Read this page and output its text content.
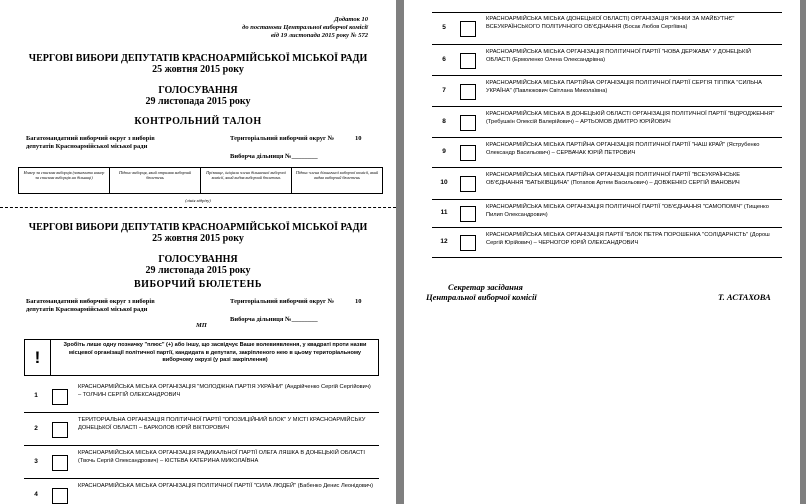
Додаток 10
до постанови Центральної виборчої комісії
від 19 листопада 2015 року № 572
ЧЕРГОВІ ВИБОРИ ДЕПУТАТІВ КРАСНОАРМІЙСЬКОЇ МІСЬКОЇ РАДИ
25 жовтня 2015 року
ГОЛОСУВАННЯ
29 листопада 2015 року
КОНТРОЛЬНИЙ ТАЛОН
Багатомандатний виборчий округ з виборів
депутатів Красноармійської міської ради
Територіальний виборчий округ №	10
Виборча дільниця №________
Номер за списком виборців (зазначити номер за списком виборців на дільниці)
Підпис виборця, який отримав виборчий бюлетень
Прізвище, ініціали члена дільничної виборчої комісії, який видав виборчий бюлетень
Підпис члена дільничної виборчої комісії, який видав виборчий бюлетень
(лінія відрізу)
ЧЕРГОВІ ВИБОРИ ДЕПУТАТІВ КРАСНОАРМІЙСЬКОЇ МІСЬКОЇ РАДИ
25 жовтня 2015 року
ГОЛОСУВАННЯ
29 листопада 2015 року
ВИБОРЧИЙ БЮЛЕТЕНЬ
Багатомандатний виборчий округ з виборів
депутатів Красноармійської міської ради
Територіальний виборчий округ №	10
МП
Виборча дільниця №________
!
Зробіть лише одну позначку "плюс" (+) або іншу, що засвідчує Ваше волевиявлення, у квадраті проти назви місцевої організації політичної партії, кандидата в депутати, закріпленого нею в цьому територіальному виборчому окрузі (у разі закріплення)
1
КРАСНОАРМІЙСЬКА МІСЬКА ОРГАНІЗАЦІЯ "МОЛОДЖНА ПАРТІЯ УКРАЇНИ" (Андрійченко Сергій Сергійович) – ТОЛЧИН СЕРГІЙ ОЛЕКСАНДРОВИЧ
2
ТЕРИТОРІАЛЬНА ОРГАНІЗАЦІЯ ПОЛІТИЧНОЇ ПАРТІЇ "ОПОЗИЦІЙНИЙ БЛОК" У МІСТІ КРАСНОАРМІЙСЬКУ ДОНЕЦЬКОЇ ОБЛАСТІ – БАРКОЛОВ ЮРІЙ ВІКТОРОВИЧ
3
КРАСНОАРМІЙСЬКА МІСЬКА ОРГАНІЗАЦІЯ РАДИКАЛЬНОЇ ПАРТІЇ ОЛЕГА ЛЯШКА В ДОНЕЦЬКІЙ ОБЛАСТІ (Твочь Сергій Олександрович) – КІСТЕВА КАТЕРИНА МИКОЛАЇВНА
4
КРАСНОАРМІЙСЬКА МІСЬКА ОРГАНІЗАЦІЯ ПОЛІТИЧНОЇ ПАРТІЇ "СИЛА ЛЮДЕЙ" (Бабенко Денис Леонідович)
5
КРАСНОАРМІЙСЬКА МІСЬКА (ДОНЕЦЬКОЇ ОБЛАСТІ) ОРГАНІЗАЦІЯ "ЖІНКИ ЗА МАЙБУТНЄ" ВСЕУКРАЇНСЬКОГО ПОЛІТИЧНОГО ОБ'ЄДНАННЯ (Босак Любов Сергіївна)
6
КРАСНОАРМІЙСЬКА МІСЬКА ОРГАНІЗАЦІЯ ПОЛІТИЧНОЇ ПАРТІЇ "НОВА ДЕРЖАВА" У ДОНЕЦЬКІЙ ОБЛАСТІ (Ермоленко Олена Олександрівна)
7
КРАСНОАРМІЙСЬКА МІСЬКА ПАРТІЙНА ОРГАНІЗАЦІЯ ПОЛІТИЧНОЇ ПАРТІЇ СЕРГІЯ ТІГІПКА "СИЛЬНА УКРАЇНА" (Павлюкович Світлана Миколаївна)
8
КРАСНОАРМІЙСЬКА МІСЬКА В ДОНЕЦЬКІЙ ОБЛАСТІ ОРГАНІЗАЦІЯ ПОЛІТИЧНОЇ ПАРТІЇ "ВІДРОДЖЕННЯ" (Требушкін Олексій Валерійович) – АРТЬОМОВ ДМИТРО ЮРІЙОВИЧ
9
КРАСНОАРМІЙСЬКА МІСЬКА ПАРТІЙНА ОРГАНІЗАЦІЯ ПОЛІТИЧНОЇ ПАРТІЇ "НАШ КРАЙ" (Яструбенко Олександр Васильович) – СЕРВАЧАК ЮРІЙ ПЕТРОВИЧ
10
КРАСНОАРМІЙСЬКА МІСЬКА ПАРТІЙНА ОРГАНІЗАЦІЯ ПОЛІТИЧНОЇ ПАРТІЇ "ВСЕУКРАЇНСЬКЕ ОБ'ЄДНАННЯ "БАТЬКІВЩИНА" (Потапов Артем Васильович) – ДОВЖЕНКО СЕРГІЙ ІВАНОВИЧ
11
КРАСНОАРМІЙСЬКА МІСЬКА ОРГАНІЗАЦІЯ ПОЛІТИЧНОЇ ПАРТІЇ "ОБ'ЄДНАННЯ "САМОПОМІЧ" (Тищенко Пилип Олександрович)
12
КРАСНОАРМІЙСЬКА МІСЬКА ОРГАНІЗАЦІЯ ПАРТІЇ "БЛОК ПЕТРА ПОРОШЕНКА "СОЛІДАРНІСТЬ" (Дорош Сергій Юрійович) – ЧЕРНОГОР ЮРІЙ ОЛЕКСАНДРОВИЧ
Секретар засідання
Центральної виборчої комісії	Т. АСТАХОВА
